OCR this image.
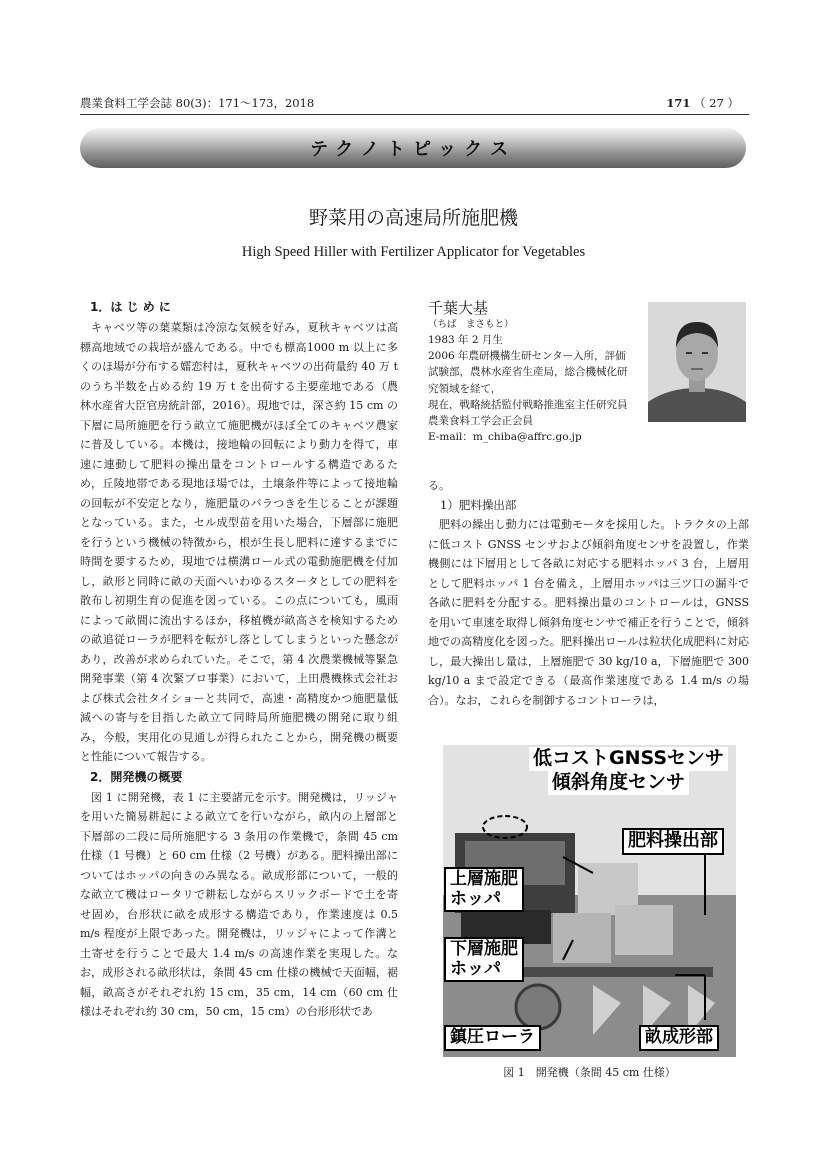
農業食料工学会誌 80(3)：171～173，2018	171 （ 27 ）
テクノトピックス
野菜用の高速局所施肥機
High Speed Hiller with Fertilizer Applicator for Vegetables
1．は じ め に

キャベツ等の葉菜類は冷涼な気候を好み，夏秋キャベツは高標高地域での栽培が盛んである。中でも標高1000 m 以上に多くのほ場が分布する嬬恋村は，夏秋キャベツの出荷量約 40 万 t のうち半数を占める約 19 万 t を出荷する主要産地である（農林水産省大臣官房統計部，2016）。現地では，深さ約 15 cm の下層に局所施肥を行う畝立て施肥機がほぼ全てのキャベツ農家に普及している。本機は，接地輪の回転により動力を得て，車速に連動して肥料の操出量をコントロールする構造であるため，丘陵地帯である現地ほ場では，土壌条件等によって接地輪の回転が不安定となり，施肥量のバラつきを生じることが課題となっている。また，セル成型苗を用いた場合，下層部に施肥を行うという機械の特徴から，根が生長し肥料に達するまでに時間を要するため，現地では横溝ロール式の電動施肥機を付加し，畝形と同時に畝の天面へいわゆるスタータとしての肥料を散布し初期生育の促進を図っている。この点についても，風雨によって畝間に流出するほか，移植機が畝高さを検知するための畝追従ローラが肥料を転がし落としてしまうといった懸念があり，改善が求められていた。そこで，第 4 次農業機械等緊急開発事業（第 4 次緊プロ事業）において，上田農機株式会社および株式会社タイショーと共同で，高速・高精度かつ施肥量低減への寄与を目指した畝立て同時局所施肥機の開発に取り組み，今般，実用化の見通しが得られたことから，開発機の概要と性能について報告する。

2．開発機の概要

図 1 に開発機，表 1 に主要諸元を示す。開発機は，リッジャを用いた簡易耕起による畝立てを行いながら，畝内の上層部と下層部の二段に局所施肥する 3 条用の作業機で，条間 45 cm 仕様（1 号機）と 60 cm 仕様（2 号機）がある。肥料操出部についてはホッパの向きのみ異なる。畝成形部について，一般的な畝立て機はロータリで耕耘しながらスリックボードで土を寄せ固め，台形状に畝を成形する構造であり，作業速度は 0.5 m/s 程度が上限であった。開発機は，リッジャによって作溝と土寄せを行うことで最大 1.4 m/s の高速作業を実現した。なお，成形される畝形状は，条間 45 cm 仕様の機械で天面幅，裾幅，畝高さがそれぞれ約 15 cm，35 cm，14 cm（60 cm 仕様はそれぞれ約 30 cm，50 cm，15 cm）の台形形状であ

千葉大基
（ちば　まさもと）
1983 年 2 月生
2006 年農研機構生研センター入所，評価試験部，農林水産省生産局，総合機械化研究領域を経て，
現在，戦略統括監付戦略推進室主任研究員
農業食料工学会正会員
E-mail：m_chiba@affrc.go.jp

る。

1）肥料操出部

肥料の繰出し動力には電動モータを採用した。トラクタの上部に低コスト GNSS センサおよび傾斜角度センサを設置し，作業機側には下層用として各畝に対応する肥料ホッパ 3 台，上層用として肥料ホッパ 1 台を備え，上層用ホッパは三ツ口の漏斗で各畝に肥料を分配する。肥料操出量のコントロールは，GNSS を用いて車速を取得し傾斜角度センサで補正を行うことで，傾斜地での高精度化を図った。肥料操出ロールは粒状化成肥料に対応し，最大操出し量は，上層施肥で 30 kg/10 a，下層施肥で 300 kg/10 a まで設定できる（最高作業速度である 1.4 m/s の場合）。なお，これらを制御するコントローラは，

低コストGNSSセンサ
傾斜角度センサ
肥料操出部
上層施肥
ホッパ
下層施肥
ホッパ
鎮圧ローラ	畝成形部
図 1　開発機（条間 45 cm 仕様）
